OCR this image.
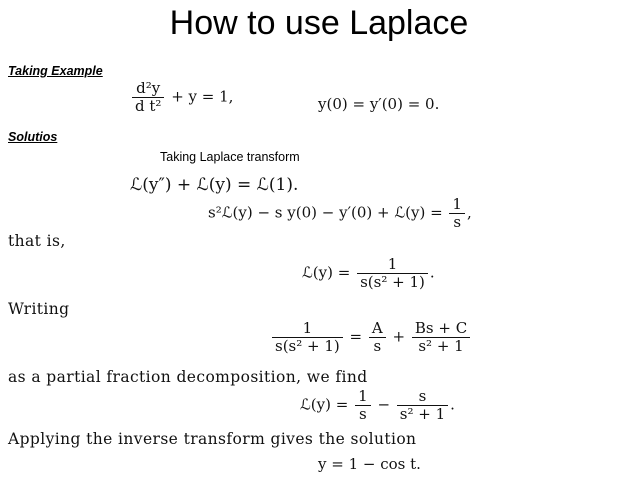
How to use Laplace
Taking Example
$\frac{\text{d²y}}{\text{d t²}} + y = 1$,	y(0) = y′(0) = 0.
Solutios
Taking Laplace transform
ℒ(y″) + ℒ(y) = ℒ(1).
s²ℒ(y) − s y(0) − y′(0) + ℒ(y) = $\frac{1}{s}$ ,
that is,
ℒ(y) = $\frac{1}{\text{s(s² + 1)}}$ .
Writing
$\frac{1}{\text{s(s² + 1)}} = \frac{A}{s} + \frac{Bs + C}{\text{s² + 1}}$
as a partial fraction decomposition, we find
ℒ(y) = $\frac{1}{s} - \frac{s}{\text{s² + 1}}$ .
Applying the inverse transform gives the solution
y = 1 − cos t.
